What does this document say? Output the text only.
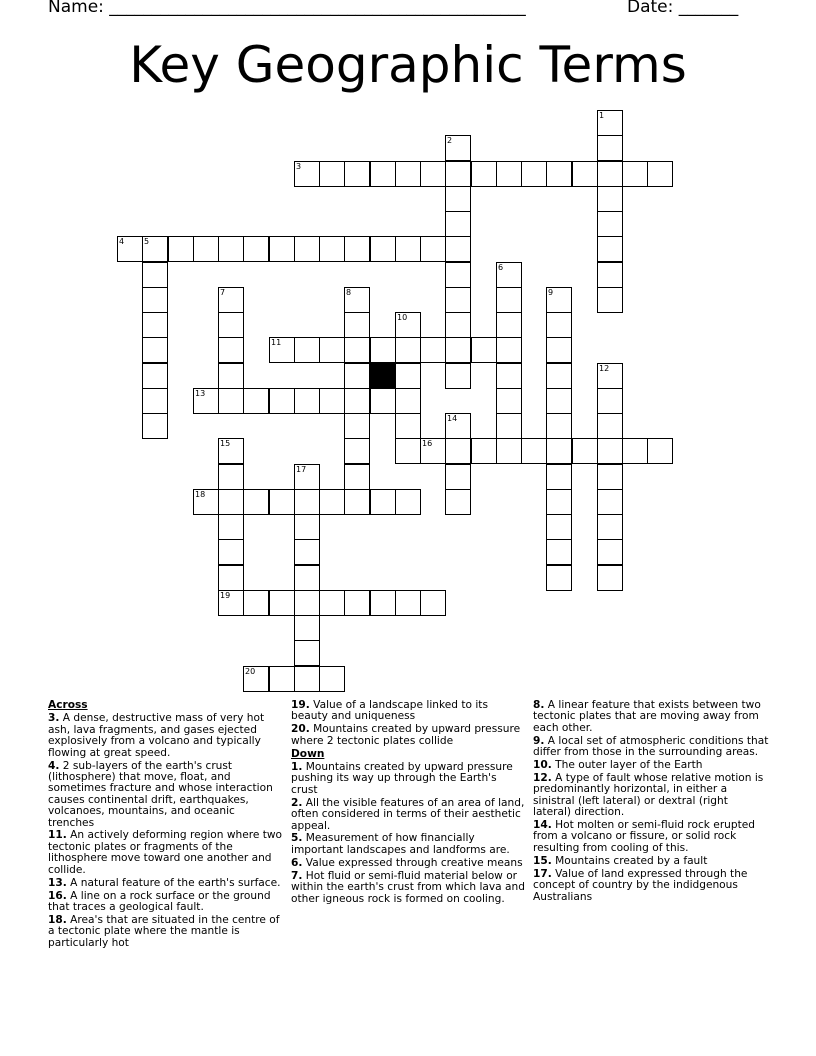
Name: _________________________________________________	Date: _______
Key Geographic Terms
1
2
3
4 5
6
7	8	9
10
11
12
13
14
15	16
17
18
19
20
Across
3. A dense, destructive mass of very hot ash, lava fragments, and gases ejected explosively from a volcano and typically flowing at great speed.
4. 2 sub-layers of the earth's crust (lithosphere) that move, float, and sometimes fracture and whose interaction causes continental drift, earthquakes, volcanoes, mountains, and oceanic trenches
11. An actively deforming region where two tectonic plates or fragments of the lithosphere move toward one another and collide.
13. A natural feature of the earth's surface.
16. A line on a rock surface or the ground that traces a geological fault.
18. Area's that are situated in the centre of a tectonic plate where the mantle is particularly hot
19. Value of a landscape linked to its beauty and uniqueness
20. Mountains created by upward pressure where 2 tectonic plates collide
Down
1. Mountains created by upward pressure pushing its way up through the Earth's crust
2. All the visible features of an area of land, often considered in terms of their aesthetic appeal.
5. Measurement of how financially important landscapes and landforms are.
6. Value expressed through creative means
7. Hot fluid or semi-fluid material below or within the earth's crust from which lava and other igneous rock is formed on cooling.
8. A linear feature that exists between two tectonic plates that are moving away from each other.
9. A local set of atmospheric conditions that differ from those in the surrounding areas.
10. The outer layer of the Earth
12. A type of fault whose relative motion is predominantly horizontal, in either a sinistral (left lateral) or dextral (right lateral) direction.
14. Hot molten or semi-fluid rock erupted from a volcano or fissure, or solid rock resulting from cooling of this.
15. Mountains created by a fault
17. Value of land expressed through the concept of country by the indidgenous Australians
